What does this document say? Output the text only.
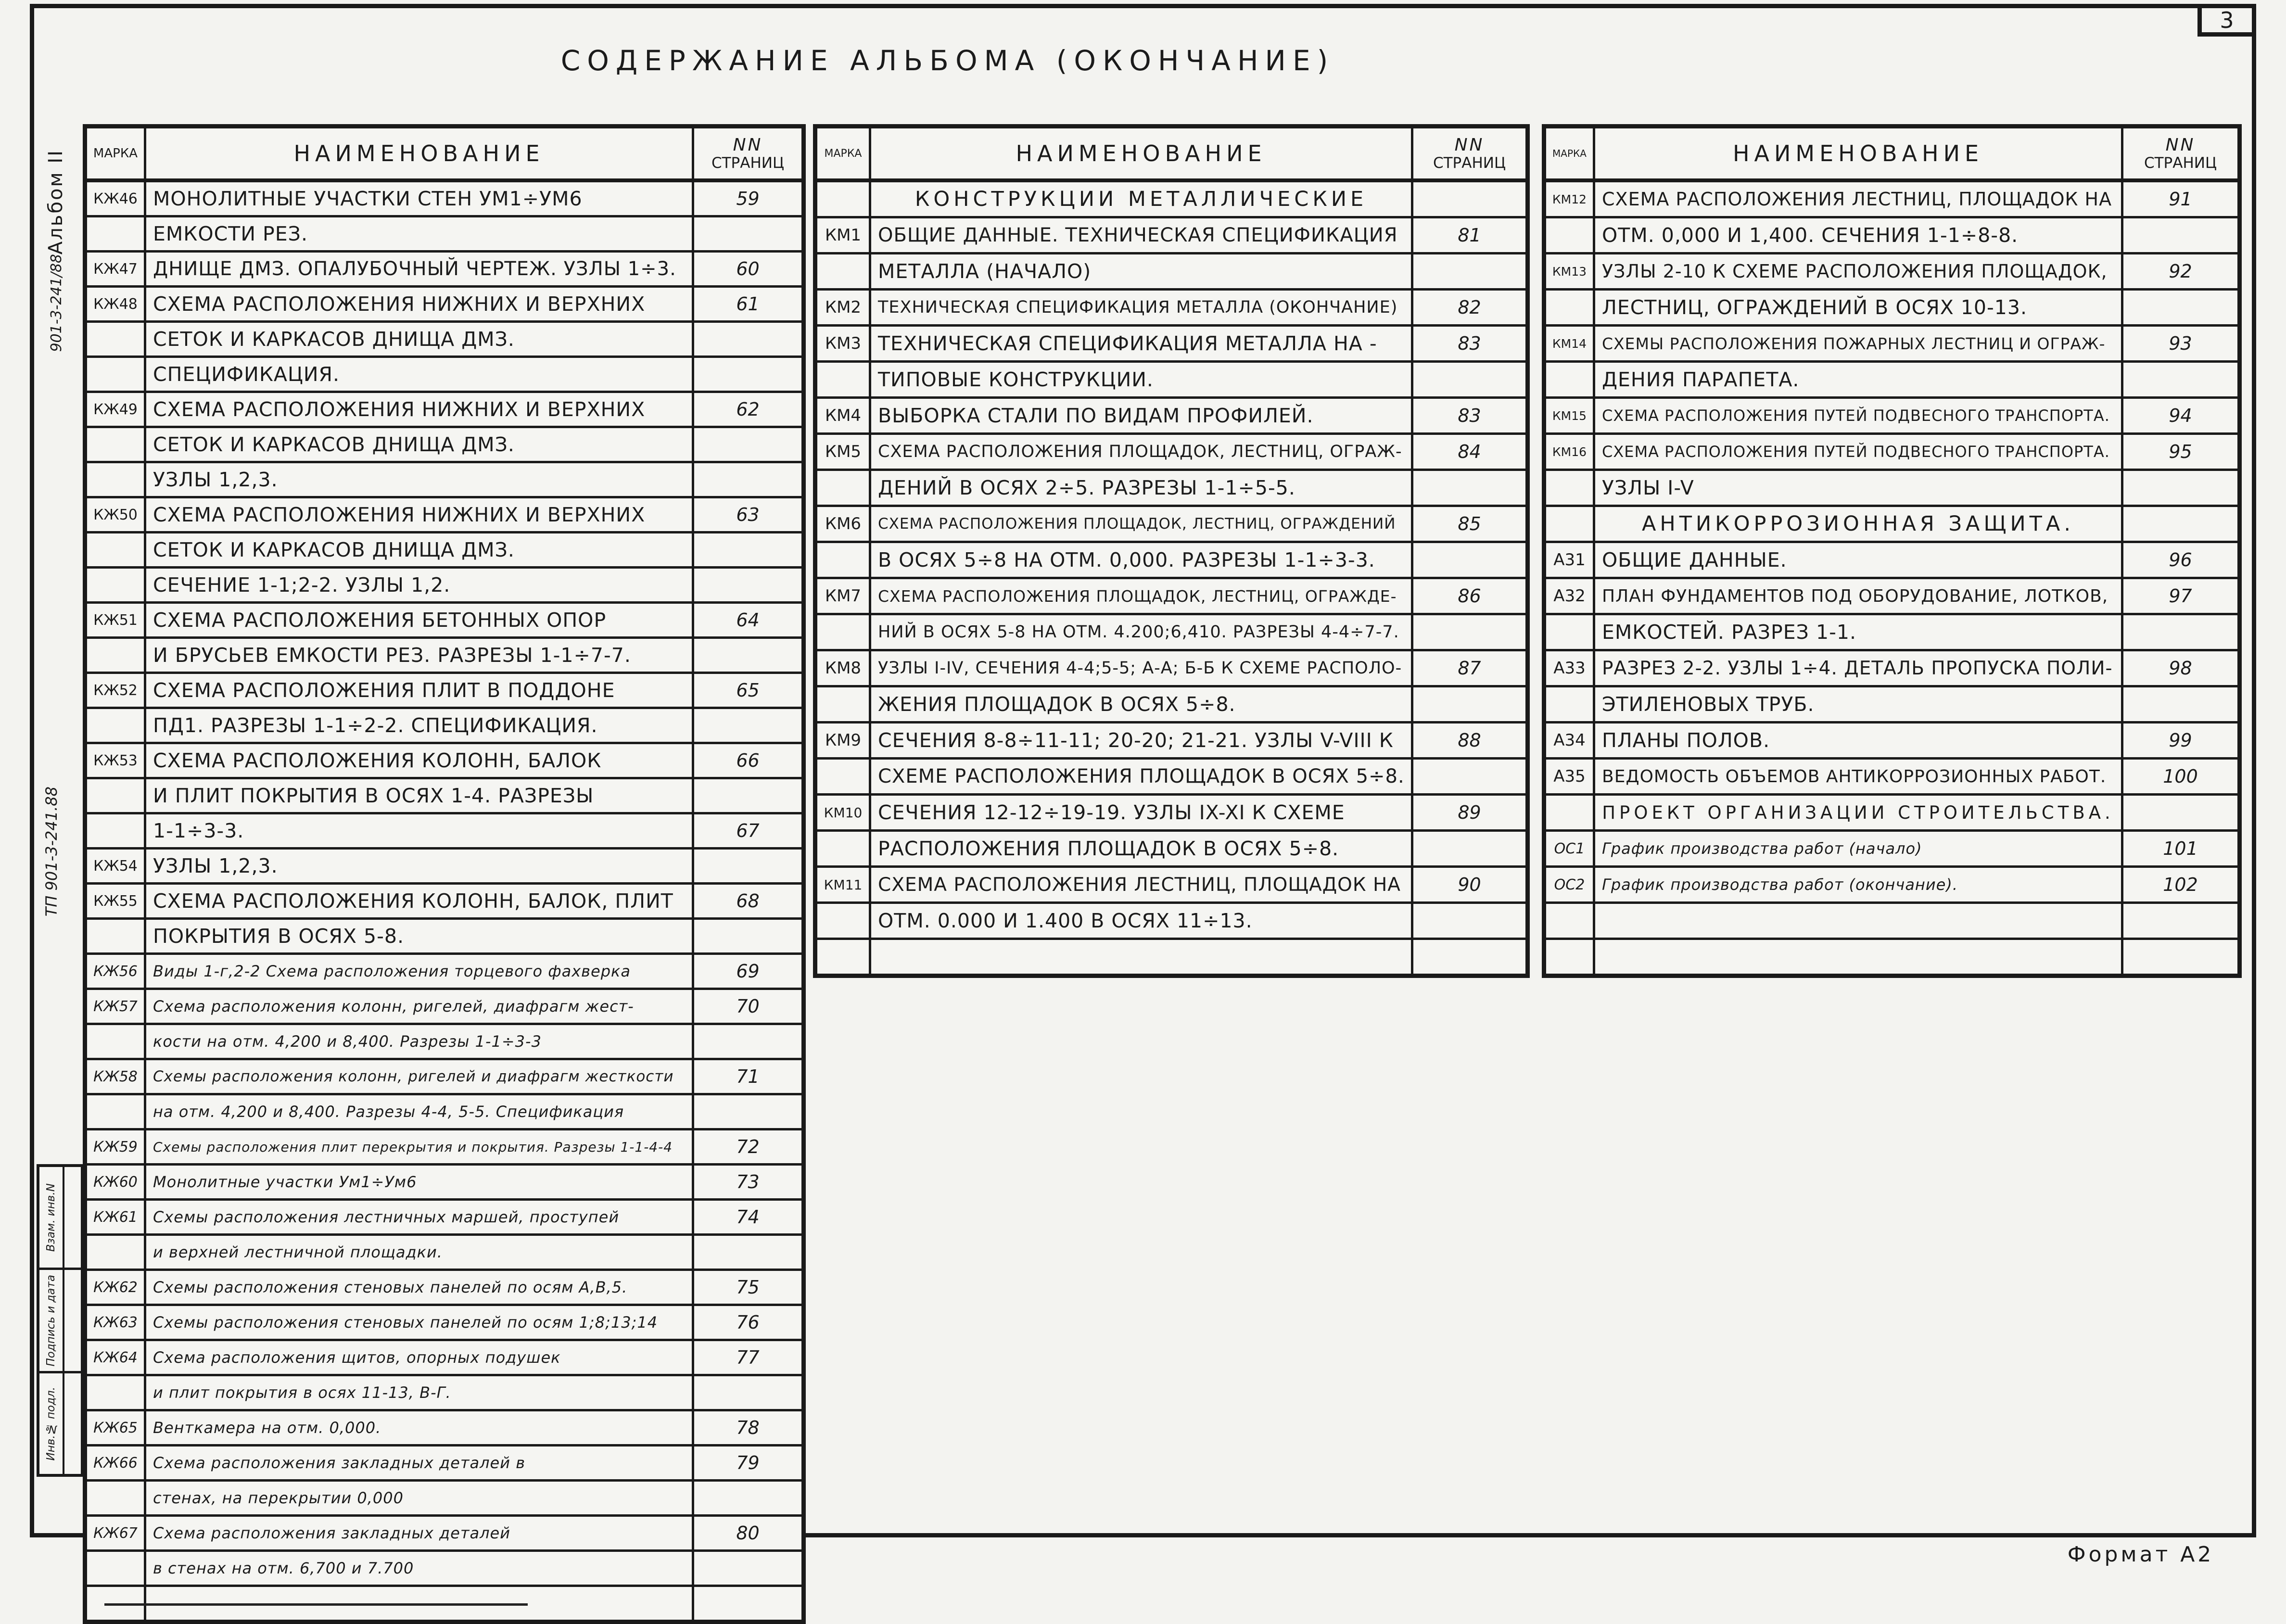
СОДЕРЖАНИЕ АЛЬБОМА (ОКОНЧАНИЕ)
3
Альбом II
901-3-241/88
ТП 901-3-241.88
Взам. инв.N
Подпись и дата
Инв.№ подл.
МАРКА	НАИМЕНОВАНИЕ	NN
СТРАНИЦ
КЖ46 МОНОЛИТНЫЕ УЧАСТКИ СТЕН УМ1÷УМ6	59
ЕМКОСТИ РЕЗ.
КЖ47 ДНИЩЕ ДМЗ. ОПАЛУБОЧНЫЙ ЧЕРТЕЖ. УЗЛЫ 1÷3.	60
КЖ48 СХЕМА РАСПОЛОЖЕНИЯ НИЖНИХ И ВЕРХНИХ	61
СЕТОК И КАРКАСОВ ДНИЩА ДМЗ.
СПЕЦИФИКАЦИЯ.
КЖ49 СХЕМА РАСПОЛОЖЕНИЯ НИЖНИХ И ВЕРХНИХ	62
СЕТОК И КАРКАСОВ ДНИЩА ДМЗ.
УЗЛЫ 1,2,3.
КЖ50 СХЕМА РАСПОЛОЖЕНИЯ НИЖНИХ И ВЕРХНИХ	63
СЕТОК И КАРКАСОВ ДНИЩА ДМЗ.
СЕЧЕНИЕ 1-1;2-2. УЗЛЫ 1,2.
КЖ51 СХЕМА РАСПОЛОЖЕНИЯ БЕТОННЫХ ОПОР	64
И БРУСЬЕВ ЕМКОСТИ РЕЗ. РАЗРЕЗЫ 1-1÷7-7.
КЖ52 СХЕМА РАСПОЛОЖЕНИЯ ПЛИТ В ПОДДОНЕ	65
ПД1. РАЗРЕЗЫ 1-1÷2-2. СПЕЦИФИКАЦИЯ.
КЖ53 СХЕМА РАСПОЛОЖЕНИЯ КОЛОНН, БАЛОК	66
И ПЛИТ ПОКРЫТИЯ В ОСЯХ 1-4. РАЗРЕЗЫ
1-1÷3-3.	67
КЖ54 УЗЛЫ 1,2,3.
КЖ55 СХЕМА РАСПОЛОЖЕНИЯ КОЛОНН, БАЛОК, ПЛИТ	68
ПОКРЫТИЯ В ОСЯХ 5-8.
КЖ56 Виды 1-г,2-2 Схема расположения торцевого фахверка	69
КЖ57 Схема расположения колонн, ригелей, диафрагм жест-	70
кости на отм. 4,200 и 8,400. Разрезы 1-1÷3-3
КЖ58 Схемы расположения колонн, ригелей и диафрагм жесткости	71
на отм. 4,200 и 8,400. Разрезы 4-4, 5-5. Спецификация
КЖ59 Схемы расположения плит перекрытия и покрытия. Разрезы 1-1-4-4	72
КЖ60 Монолитные участки Ум1÷Ум6	73
КЖ61 Схемы расположения лестничных маршей, проступей	74
и верхней лестничной площадки.
КЖ62 Схемы расположения стеновых панелей по осям А,В,5.	75
КЖ63 Схемы расположения стеновых панелей по осям 1;8;13;14	76
КЖ64 Схема расположения щитов, опорных подушек	77
и плит покрытия в осях 11-13, В-Г.
КЖ65 Венткамера на отм. 0,000.	78
КЖ66 Схема расположения закладных деталей в	79
стенах, на перекрытии 0,000
КЖ67 Схема расположения закладных деталей	80
в стенах на отм. 6,700 и 7.700
МАРКА	НАИМЕНОВАНИЕ	NN
СТРАНИЦ
КОНСТРУКЦИИ МЕТАЛЛИЧЕСКИЕ
КМ1 ОБЩИЕ ДАННЫЕ. ТЕХНИЧЕСКАЯ СПЕЦИФИКАЦИЯ	81
МЕТАЛЛА (НАЧАЛО)
КМ2 ТЕХНИЧЕСКАЯ СПЕЦИФИКАЦИЯ МЕТАЛЛА (ОКОНЧАНИЕ)	82
КМ3 ТЕХНИЧЕСКАЯ СПЕЦИФИКАЦИЯ МЕТАЛЛА НА -	83
ТИПОВЫЕ КОНСТРУКЦИИ.
КМ4 ВЫБОРКА СТАЛИ ПО ВИДАМ ПРОФИЛЕЙ.	83
КМ5 СХЕМА РАСПОЛОЖЕНИЯ ПЛОЩАДОК, ЛЕСТНИЦ, ОГРАЖ-	84
ДЕНИЙ В ОСЯХ 2÷5. РАЗРЕЗЫ 1-1÷5-5.
КМ6 СХЕМА РАСПОЛОЖЕНИЯ ПЛОЩАДОК, ЛЕСТНИЦ, ОГРАЖДЕНИЙ	85
В ОСЯХ 5÷8 НА ОТМ. 0,000. РАЗРЕЗЫ 1-1÷3-3.
КМ7 СХЕМА РАСПОЛОЖЕНИЯ ПЛОЩАДОК, ЛЕСТНИЦ, ОГРАЖДЕ-	86
НИЙ В ОСЯХ 5-8 НА ОТМ. 4.200;6,410. РАЗРЕЗЫ 4-4÷7-7.
КМ8 УЗЛЫ I-IV, СЕЧЕНИЯ 4-4;5-5; А-А; Б-Б К СХЕМЕ РАСПОЛО-	87
ЖЕНИЯ ПЛОЩАДОК В ОСЯХ 5÷8.
КМ9 СЕЧЕНИЯ 8-8÷11-11; 20-20; 21-21. УЗЛЫ V-VIII К	88
СХЕМЕ РАСПОЛОЖЕНИЯ ПЛОЩАДОК В ОСЯХ 5÷8.
КМ10 СЕЧЕНИЯ 12-12÷19-19. УЗЛЫ IX-XI К СХЕМЕ	89
РАСПОЛОЖЕНИЯ ПЛОЩАДОК В ОСЯХ 5÷8.
КМ11 СХЕМА РАСПОЛОЖЕНИЯ ЛЕСТНИЦ, ПЛОЩАДОК НА	90
ОТМ. 0.000 И 1.400 В ОСЯХ 11÷13.
МАРКА	НАИМЕНОВАНИЕ	NN
СТРАНИЦ
КМ12 СХЕМА РАСПОЛОЖЕНИЯ ЛЕСТНИЦ, ПЛОЩАДОК НА	91
ОТМ. 0,000 И 1,400. СЕЧЕНИЯ 1-1÷8-8.
КМ13 УЗЛЫ 2-10 К СХЕМЕ РАСПОЛОЖЕНИЯ ПЛОЩАДОК,	92
ЛЕСТНИЦ, ОГРАЖДЕНИЙ В ОСЯХ 10-13.
КМ14 СХЕМЫ РАСПОЛОЖЕНИЯ ПОЖАРНЫХ ЛЕСТНИЦ И ОГРАЖ-	93
ДЕНИЯ ПАРАПЕТА.
КМ15 СХЕМА РАСПОЛОЖЕНИЯ ПУТЕЙ ПОДВЕСНОГО ТРАНСПОРТА.	94
КМ16 СХЕМА РАСПОЛОЖЕНИЯ ПУТЕЙ ПОДВЕСНОГО ТРАНСПОРТА.	95
УЗЛЫ I-V
АНТИКОРРОЗИОННАЯ ЗАЩИТА.
А31 ОБЩИЕ ДАННЫЕ.	96
А32 ПЛАН ФУНДАМЕНТОВ ПОД ОБОРУДОВАНИЕ, ЛОТКОВ,	97
ЕМКОСТЕЙ. РАЗРЕЗ 1-1.
А33 РАЗРЕЗ 2-2. УЗЛЫ 1÷4. ДЕТАЛЬ ПРОПУСКА ПОЛИ-	98
ЭТИЛЕНОВЫХ ТРУБ.
А34 ПЛАНЫ ПОЛОВ.	99
А35 ВЕДОМОСТЬ ОБЪЕМОВ АНТИКОРРОЗИОННЫХ РАБОТ.	100
ПРОЕКТ ОРГАНИЗАЦИИ СТРОИТЕЛЬСТВА.
ОС1 График производства работ (начало)	101
ОС2 График производства работ (окончание).	102
Формат А2
